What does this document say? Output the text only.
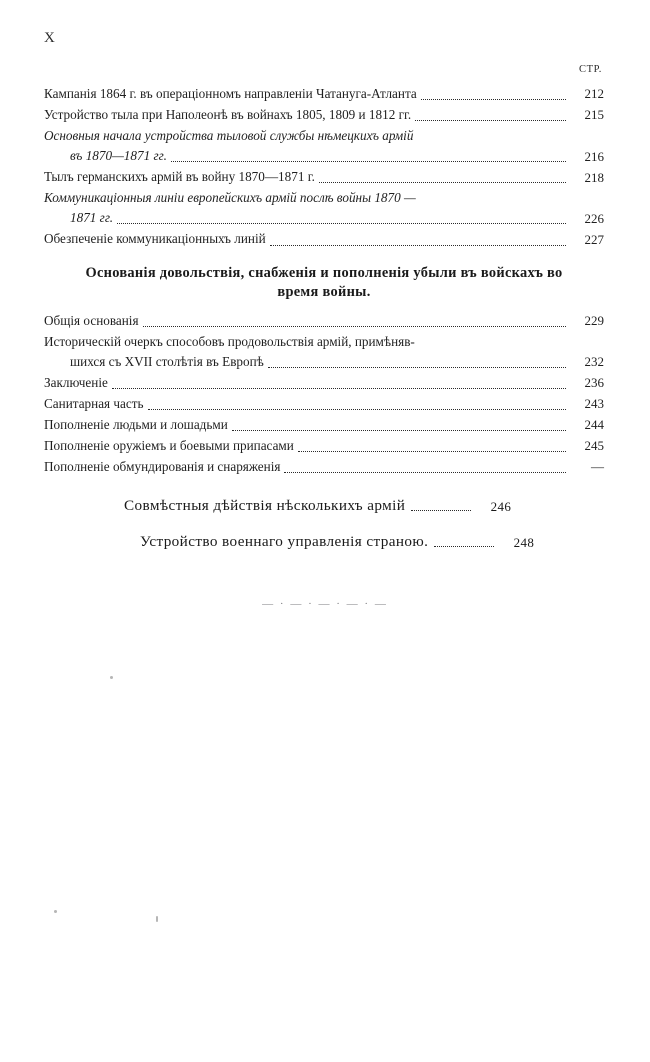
X
СТР.
Кампанія 1864 г. въ операціонномъ направленіи Чатануга-Атланта	212
Устройство тыла при Наполеонѣ въ войнахъ 1805, 1809 и 1812 гг.	215
Основныя начала устройства тыловой службы нѣмецкихъ армій
въ 1870—1871 гг.	216
Тылъ германскихъ армій въ войну 1870—1871 г.	218
Коммуникаціонныя линіи европейскихъ армій послѣ войны 1870 —
1871 гг.	226
Обезпеченіе коммуникаціонныхъ линій	227
Основанія довольствія, снабженія и пополненія убыли въ войскахъ во время войны.
Общія основанія	229
Историческій очеркъ способовъ продовольствія армій, примѣняв-
шихся съ XVII столѣтія въ Европѣ	232
Заключеніе	236
Санитарная часть	243
Пополненіе людьми и лошадьми	244
Пополненіе оружіемъ и боевыми припасами	245
Пополненіе обмундированія и снаряженія	—
Совмѣстныя дѣйствія нѣсколькихъ армій	246
Устройство военнаго управленія страною.	248
— · — · — · — · —
